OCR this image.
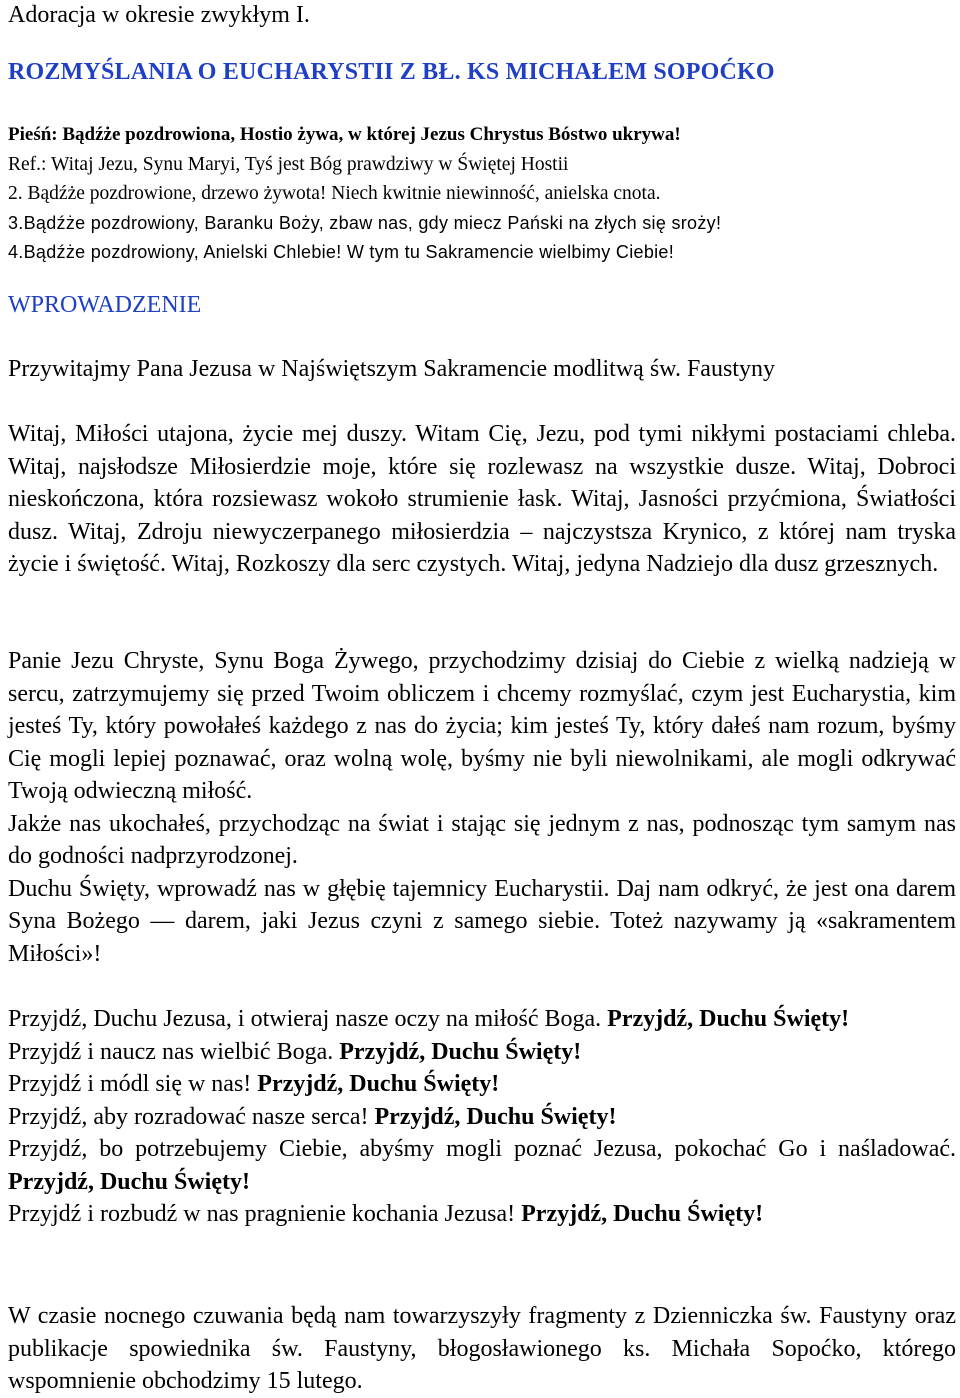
Adoracja w okresie zwykłym I.
ROZMYŚLANIA O EUCHARYSTII Z BŁ. KS MICHAŁEM SOPOĆKO

Pieśń: Bądźże pozdrowiona, Hostio żywa, w której Jezus Chrystus Bóstwo ukrywa!

Ref.: Witaj Jezu, Synu Maryi, Tyś jest Bóg prawdziwy w Świętej Hostii

2. Bądźże pozdrowione, drzewo żywota! Niech kwitnie niewinność, anielska cnota.

3.Bądźże pozdrowiony, Baranku Boży, zbaw nas, gdy miecz Pański na złych się sroży!

4.Bądźże pozdrowiony, Anielski Chlebie! W tym tu Sakramencie wielbimy Ciebie!

WPROWADZENIE

Przywitajmy Pana Jezusa w Najświętszym Sakramencie modlitwą św. Faustyny

Witaj, Miłości utajona, życie mej duszy. Witam Cię, Jezu, pod tymi nikłymi postaciami chleba. Witaj, najsłodsze Miłosierdzie moje, które się rozlewasz na wszystkie dusze. Witaj, Dobroci nieskończona, która rozsiewasz wokoło strumienie łask. Witaj, Jasności przyćmiona, Światłości dusz. Witaj, Zdroju niewyczerpanego miłosierdzia – najczystsza Krynico, z której nam tryska życie i świętość. Witaj, Rozkoszy dla serc czystych. Witaj, jedyna Nadziejo dla dusz grzesznych.

Panie Jezu Chryste, Synu Boga Żywego, przychodzimy dzisiaj do Ciebie z wielką nadzieją w sercu, zatrzymujemy się przed Twoim obliczem i chcemy rozmyślać, czym jest Eucharystia, kim jesteś Ty, który powołałeś każdego z nas do życia; kim jesteś Ty, który dałeś nam rozum, byśmy Cię mogli lepiej poznawać, oraz wolną wolę, byśmy nie byli niewolnikami, ale mogli odkrywać Twoją odwieczną miłość.

Jakże nas ukochałeś, przychodząc na świat i stając się jednym z nas, podnosząc tym samym nas do godności nadprzyrodzonej.

Duchu Święty, wprowadź nas w głębię tajemnicy Eucharystii. Daj nam odkryć, że jest ona darem Syna Bożego — darem, jaki Jezus czyni z samego siebie. Toteż nazywamy ją «sakramentem Miłości»!

Przyjdź, Duchu Jezusa, i otwieraj nasze oczy na miłość Boga. Przyjdź, Duchu Święty!

Przyjdź i naucz nas wielbić Boga. Przyjdź, Duchu Święty!

Przyjdź i módl się w nas! Przyjdź, Duchu Święty!

Przyjdź, aby rozradować nasze serca! Przyjdź, Duchu Święty!

Przyjdź, bo potrzebujemy Ciebie, abyśmy mogli poznać Jezusa, pokochać Go i naśladować. Przyjdź, Duchu Święty!

Przyjdź i rozbudź w nas pragnienie kochania Jezusa! Przyjdź, Duchu Święty!

W czasie nocnego czuwania będą nam towarzyszyły fragmenty z Dzienniczka św. Faustyny oraz publikacje spowiednika św. Faustyny, błogosławionego ks. Michała Sopoćko, którego wspomnienie obchodzimy 15 lutego.
